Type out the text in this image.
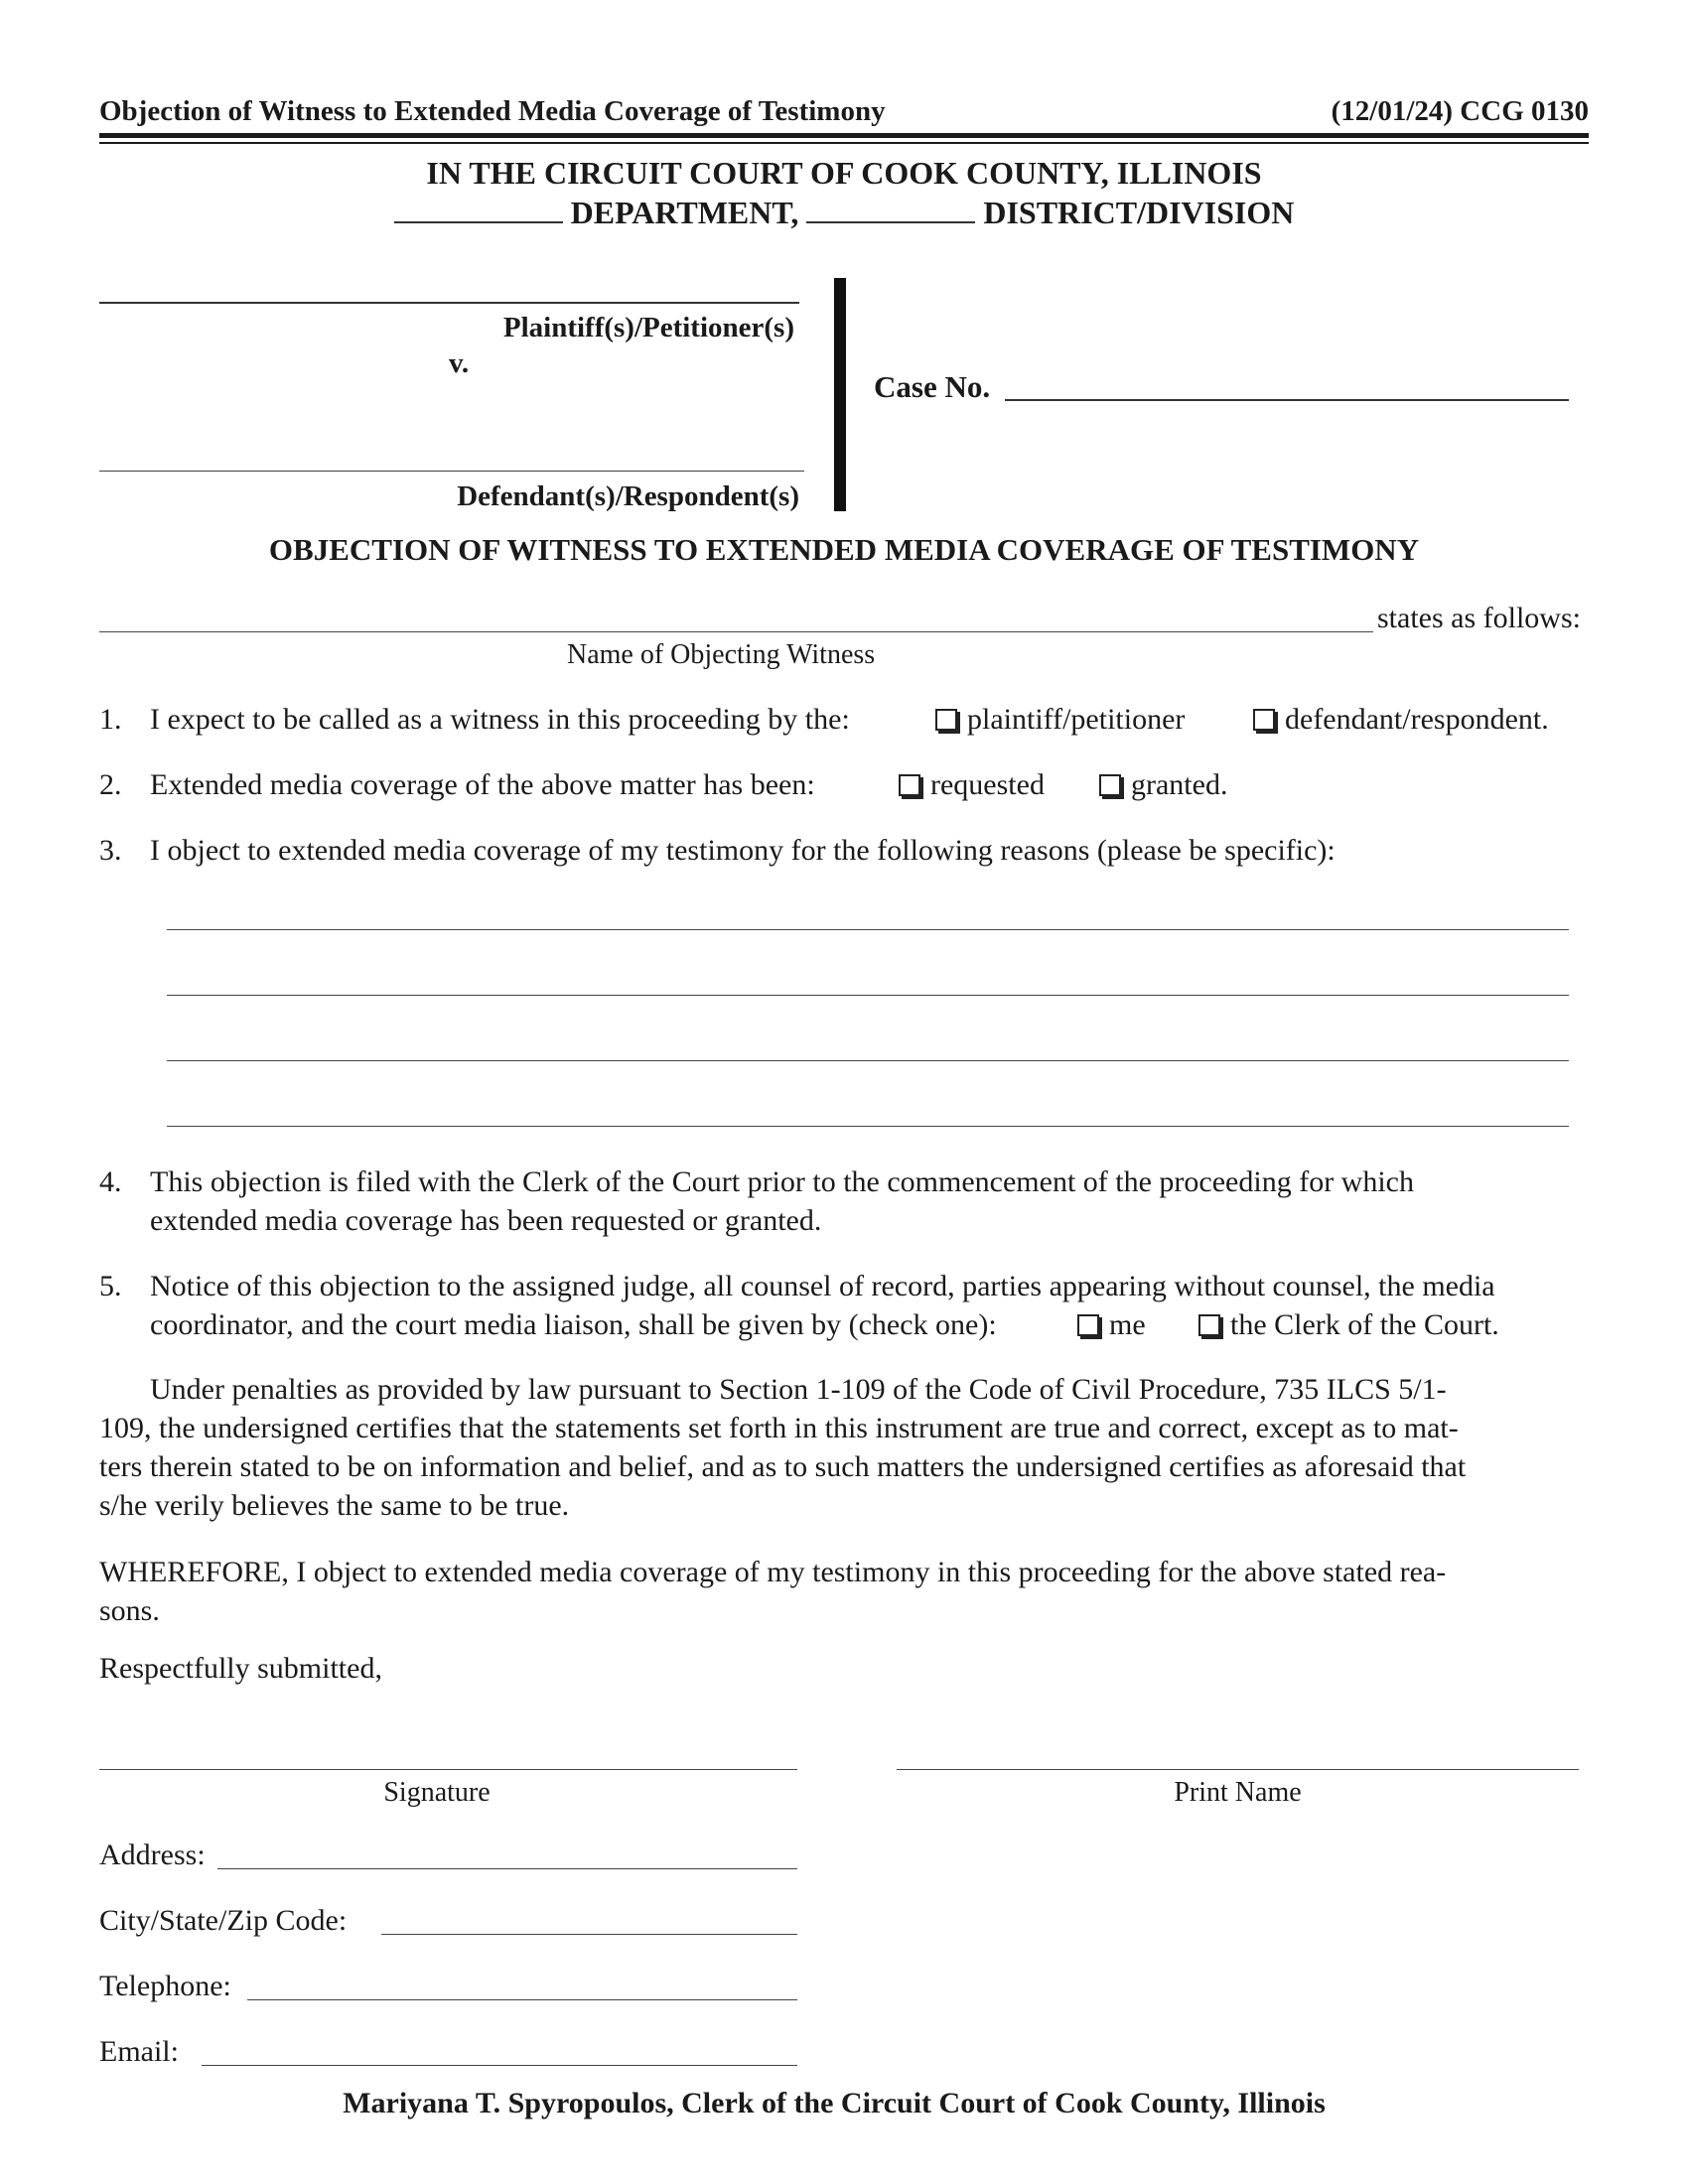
Objection of Witness to Extended Media Coverage of Testimony	(12/01/24) CCG 0130
IN THE CIRCUIT COURT OF COOK COUNTY, ILLINOIS
DEPARTMENT,	DISTRICT/DIVISION
Plaintiff(s)/Petitioner(s)
v.
Defendant(s)/Respondent(s)
Case No.
OBJECTION OF WITNESS TO EXTENDED MEDIA COVERAGE OF TESTIMONY
states as follows:
Name of Objecting Witness
1. I expect to be called as a witness in this proceeding by the:	plaintiff/petitioner	defendant/respondent.
2. Extended media coverage of the above matter has been:	requested	granted.
3. I object to extended media coverage of my testimony for the following reasons (please be specific):
4. This objection is filed with the Clerk of the Court prior to the commencement of the proceeding for which
extended media coverage has been requested or granted.
5. Notice of this objection to the assigned judge, all counsel of record, parties appearing without counsel, the media
coordinator, and the court media liaison, shall be given by (check one):	me	the Clerk of the Court.
Under penalties as provided by law pursuant to Section 1-109 of the Code of Civil Procedure, 735 ILCS 5/1-
109, the undersigned certifies that the statements set forth in this instrument are true and correct, except as to mat-
ters therein stated to be on information and belief, and as to such matters the undersigned certifies as aforesaid that
s/he verily believes the same to be true.
WHEREFORE, I object to extended media coverage of my testimony in this proceeding for the above stated rea-
sons.
Respectfully submitted,
Signature	Print Name
Address:
City/State/Zip Code:
Telephone:
Email:
Mariyana T. Spyropoulos, Clerk of the Circuit Court of Cook County, Illinois
